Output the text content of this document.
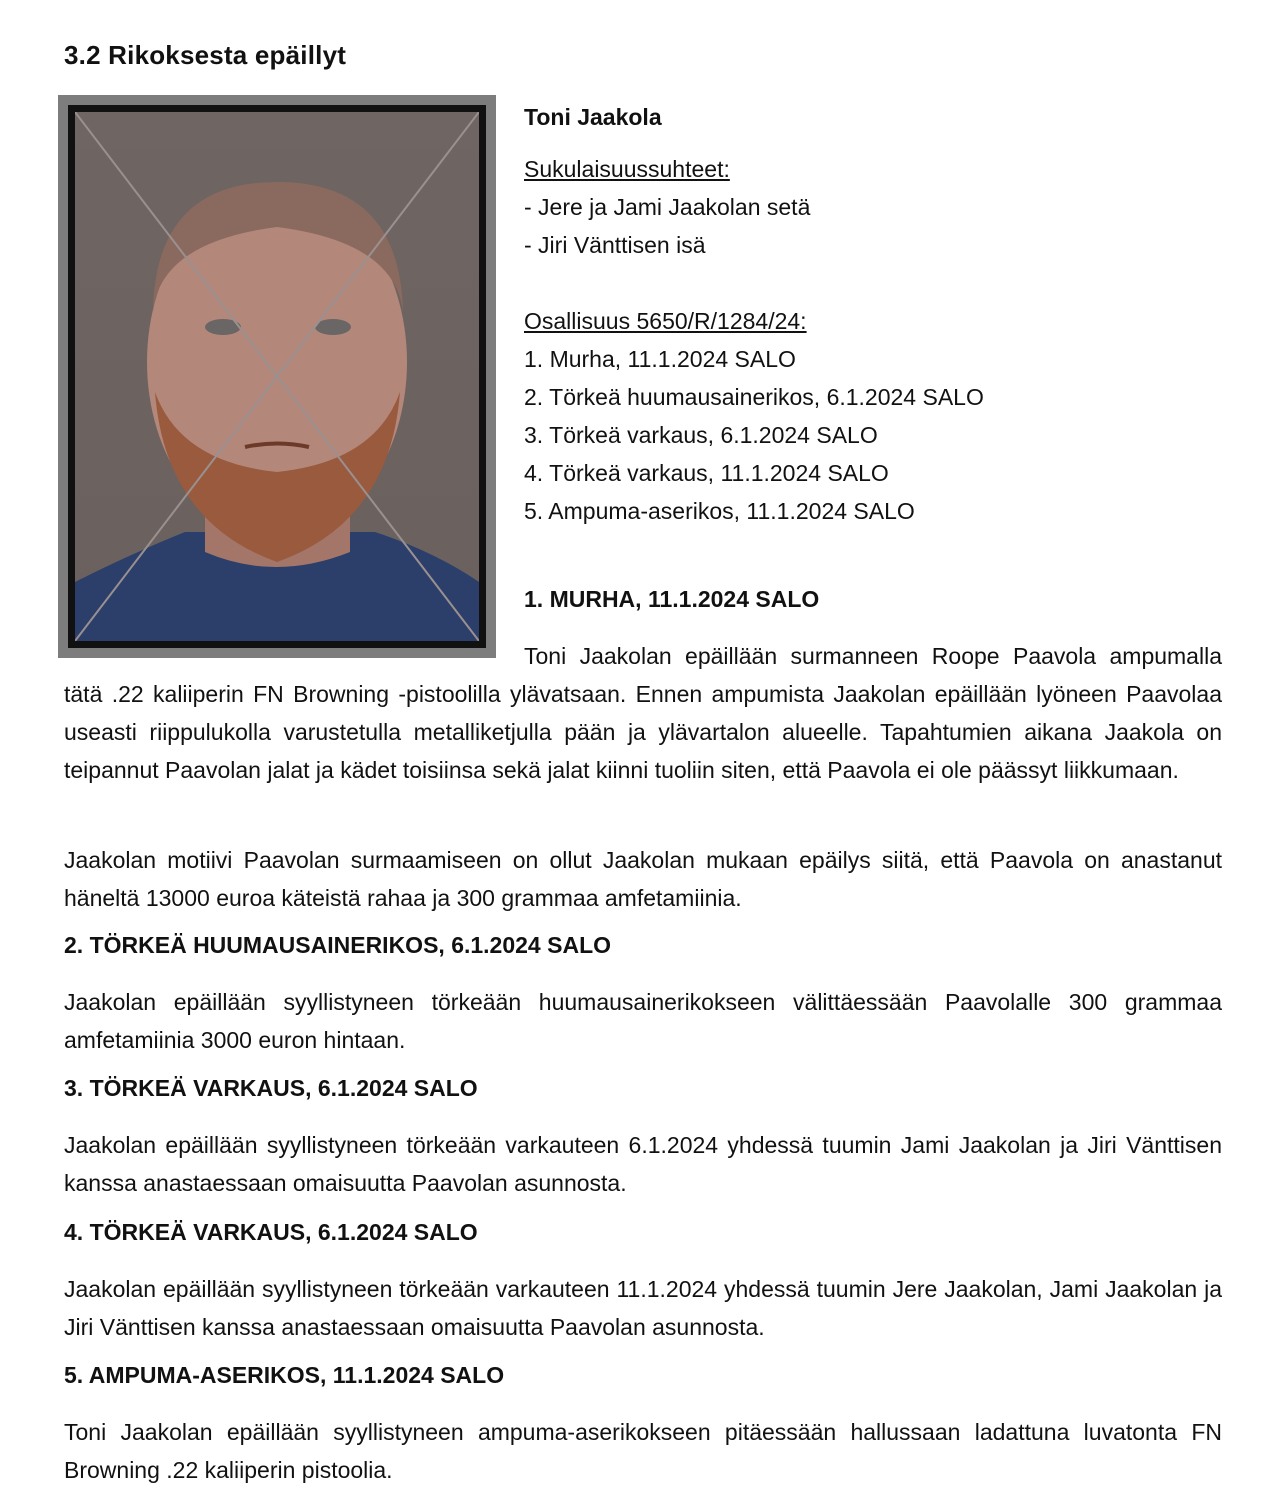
3.2 Rikoksesta epäillyt
Toni Jaakola
Sukulaisuussuhteet:
- Jere ja Jami Jaakolan setä
- Jiri Vänttisen isä
Osallisuus 5650/R/1284/24:
1. Murha, 11.1.2024 SALO
2. Törkeä huumausainerikos, 6.1.2024 SALO
3. Törkeä varkaus, 6.1.2024 SALO
4. Törkeä varkaus, 11.1.2024 SALO
5. Ampuma-aserikos, 11.1.2024 SALO
1. MURHA, 11.1.2024 SALO
Toni Jaakolan epäillään surmanneen Roope Paavola ampumalla tätä .22 kaliiperin FN Browning -pistoolilla ylävatsaan. Ennen ampumista Jaakolan epäillään lyöneen Paavolaa useasti riippulukolla varustetulla metalliketjulla pään ja ylävartalon alueelle. Tapahtumien aikana Jaakola on teipannut Paavolan jalat ja kädet toisiinsa sekä jalat kiinni tuoliin siten, että Paavola ei ole päässyt liikkumaan.
Jaakolan motiivi Paavolan surmaamiseen on ollut Jaakolan mukaan epäilys siitä, että Paavola on anastanut häneltä 13000 euroa käteistä rahaa ja 300 grammaa amfetamiinia.
2. TÖRKEÄ HUUMAUSAINERIKOS, 6.1.2024 SALO
Jaakolan epäillään syyllistyneen törkeään huumausainerikokseen välittäessään Paavolalle 300 grammaa amfetamiinia 3000 euron hintaan.
3. TÖRKEÄ VARKAUS, 6.1.2024 SALO
Jaakolan epäillään syyllistyneen törkeään varkauteen 6.1.2024 yhdessä tuumin Jami Jaakolan ja Jiri Vänttisen kanssa anastaessaan omaisuutta Paavolan asunnosta.
4. TÖRKEÄ VARKAUS, 6.1.2024 SALO
Jaakolan epäillään syyllistyneen törkeään varkauteen 11.1.2024 yhdessä tuumin Jere Jaakolan, Jami Jaakolan ja Jiri Vänttisen kanssa anastaessaan omaisuutta Paavolan asunnosta.
5. AMPUMA-ASERIKOS, 11.1.2024 SALO
Toni Jaakolan epäillään syyllistyneen ampuma-aserikokseen pitäessään hallussaan ladattuna luvatonta FN Browning .22 kaliiperin pistoolia.
